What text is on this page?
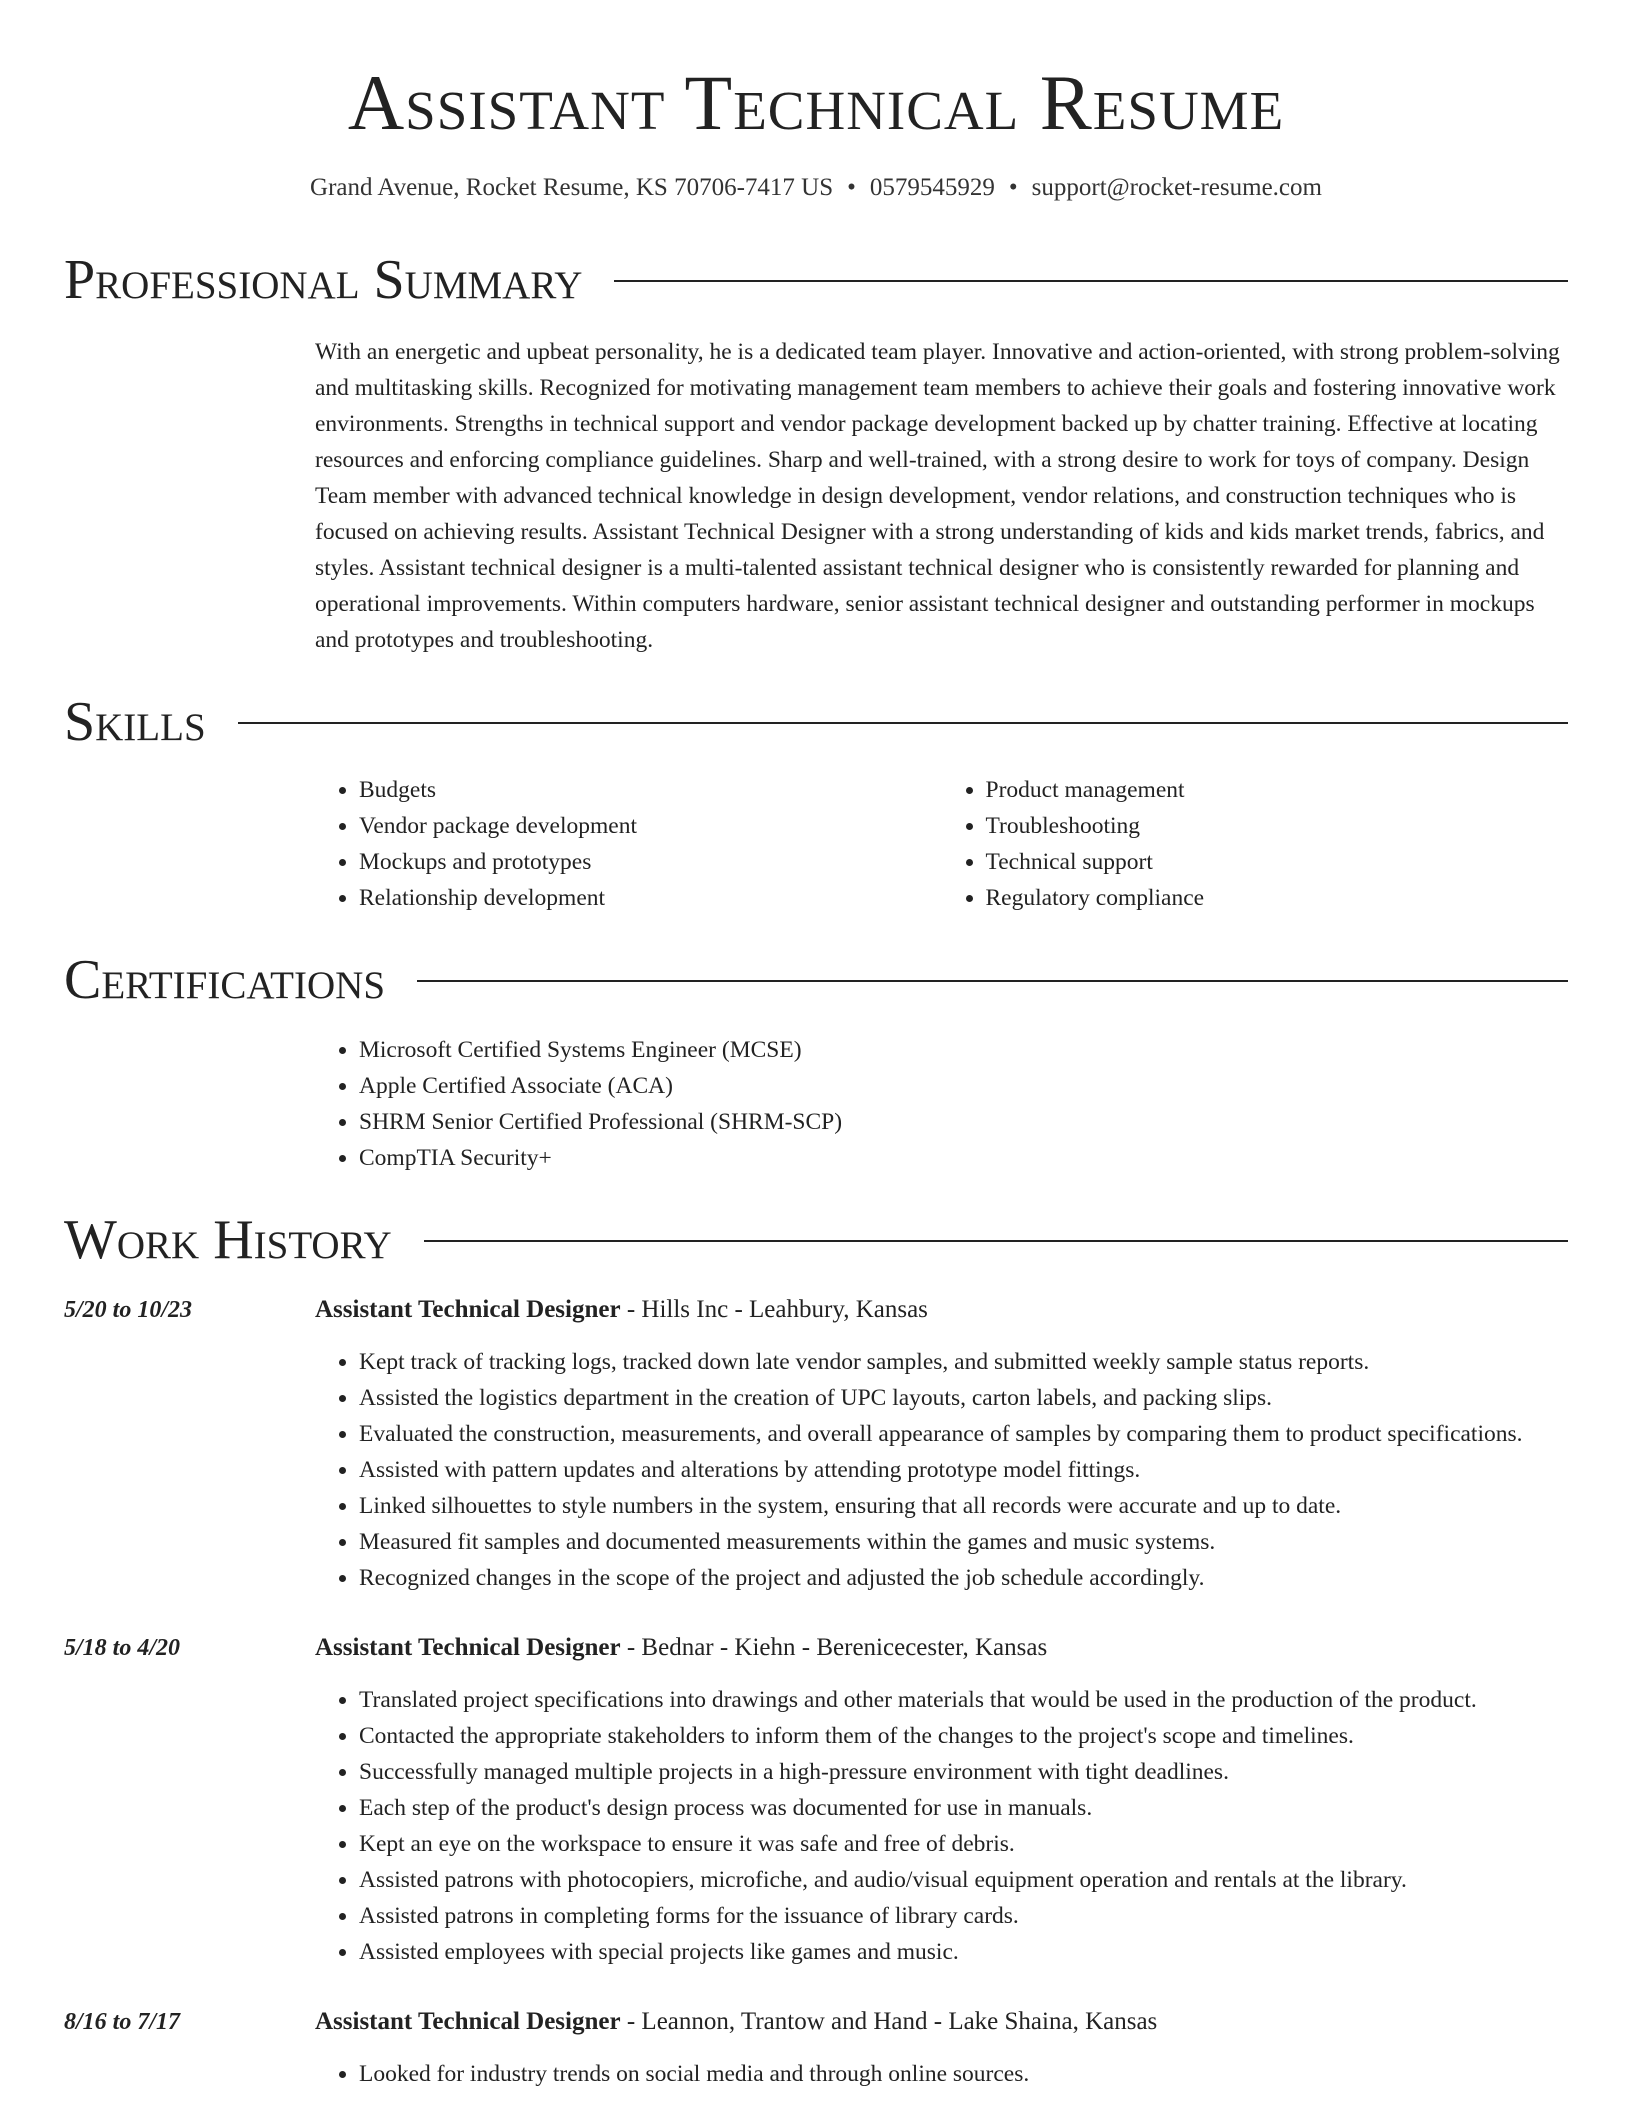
Assistant Technical Resume
Grand Avenue, Rocket Resume, KS 70706-7417 US • 0579545929 • support@rocket-resume.com
Professional Summary
With an energetic and upbeat personality, he is a dedicated team player. Innovative and action-oriented, with strong problem-solving and multitasking skills. Recognized for motivating management team members to achieve their goals and fostering innovative work environments. Strengths in technical support and vendor package development backed up by chatter training. Effective at locating resources and enforcing compliance guidelines. Sharp and well-trained, with a strong desire to work for toys of company. Design Team member with advanced technical knowledge in design development, vendor relations, and construction techniques who is focused on achieving results. Assistant Technical Designer with a strong understanding of kids and kids market trends, fabrics, and styles. Assistant technical designer is a multi-talented assistant technical designer who is consistently rewarded for planning and operational improvements. Within computers hardware, senior assistant technical designer and outstanding performer in mockups and prototypes and troubleshooting.
Skills
• Budgets
• Vendor package development
• Mockups and prototypes
• Relationship development
• Product management
• Troubleshooting
• Technical support
• Regulatory compliance
Certifications
• Microsoft Certified Systems Engineer (MCSE)
• Apple Certified Associate (ACA)
• SHRM Senior Certified Professional (SHRM-SCP)
• CompTIA Security+
Work History
5/20 to 10/23	Assistant Technical Designer - Hills Inc - Leahbury, Kansas
• Kept track of tracking logs, tracked down late vendor samples, and submitted weekly sample status reports.
• Assisted the logistics department in the creation of UPC layouts, carton labels, and packing slips.
• Evaluated the construction, measurements, and overall appearance of samples by comparing them to product specifications.
• Assisted with pattern updates and alterations by attending prototype model fittings.
• Linked silhouettes to style numbers in the system, ensuring that all records were accurate and up to date.
• Measured fit samples and documented measurements within the games and music systems.
• Recognized changes in the scope of the project and adjusted the job schedule accordingly.
5/18 to 4/20	Assistant Technical Designer - Bednar - Kiehn - Berenicecester, Kansas
• Translated project specifications into drawings and other materials that would be used in the production of the product.
• Contacted the appropriate stakeholders to inform them of the changes to the project's scope and timelines.
• Successfully managed multiple projects in a high-pressure environment with tight deadlines.
• Each step of the product's design process was documented for use in manuals.
• Kept an eye on the workspace to ensure it was safe and free of debris.
• Assisted patrons with photocopiers, microfiche, and audio/visual equipment operation and rentals at the library.
• Assisted patrons in completing forms for the issuance of library cards.
• Assisted employees with special projects like games and music.
8/16 to 7/17	Assistant Technical Designer - Leannon, Trantow and Hand - Lake Shaina, Kansas
• Looked for industry trends on social media and through online sources.
